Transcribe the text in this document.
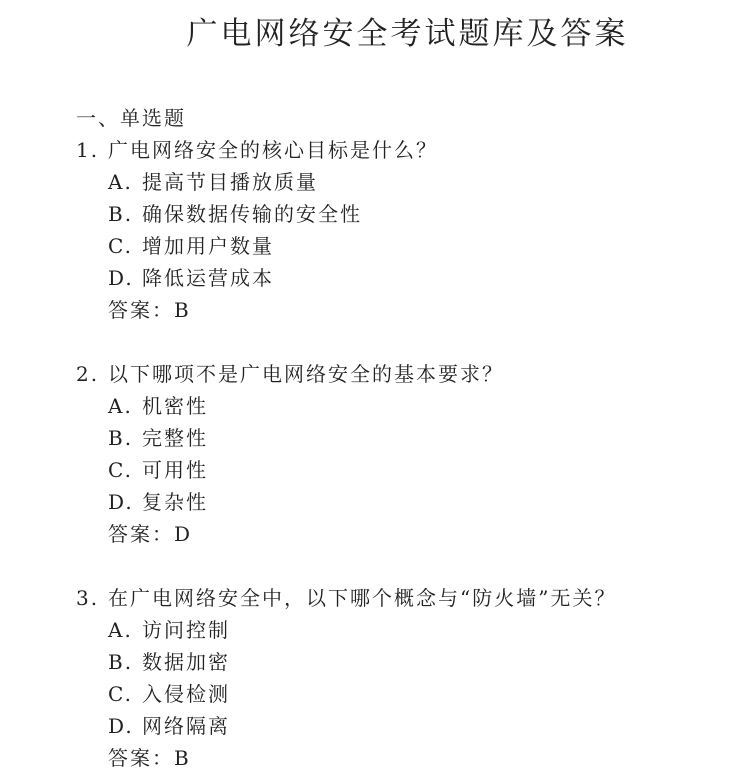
广电网络安全考试题库及答案
一、单选题
1. 广电网络安全的核心目标是什么？
A. 提高节目播放质量
B. 确保数据传输的安全性
C. 增加用户数量
D. 降低运营成本
答案：B
2. 以下哪项不是广电网络安全的基本要求？
A. 机密性
B. 完整性
C. 可用性
D. 复杂性
答案：D
3. 在广电网络安全中，以下哪个概念与“防火墙”无关？
A. 访问控制
B. 数据加密
C. 入侵检测
D. 网络隔离
答案：B
